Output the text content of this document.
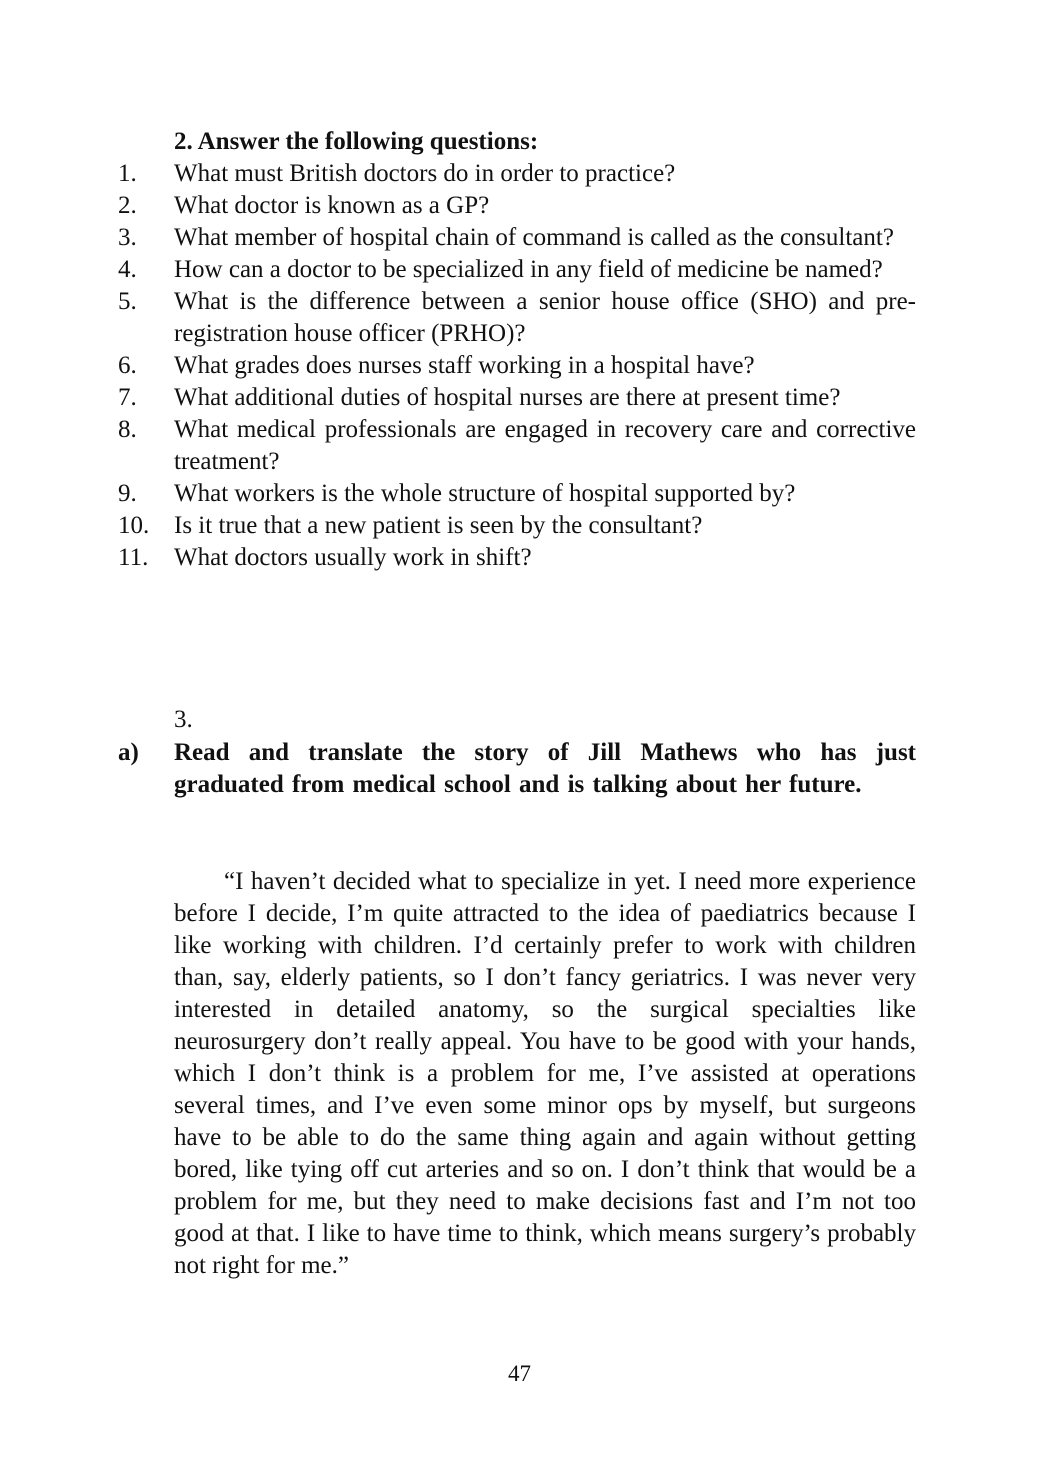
2. Answer the following questions:
1.	What must British doctors do in order to practice?
2.	What doctor is known as a GP?
3.	What member of hospital chain of command is called as the consultant?
4.	How can a doctor to be specialized in any field of medicine be named?
5.	What is the difference between a senior house office (SHO) and pre-registration house officer (PRHO)?
6.	What grades does nurses staff working in a hospital have?
7.	What additional duties of hospital nurses are there at present time?
8.	What medical professionals are engaged in recovery care and corrective treatment?
9.	What workers is the whole structure of hospital supported by?
10. Is it true that a new patient is seen by the consultant?
11.	What doctors usually work in shift?
3.
a)	Read and translate the story of Jill Mathews who has just graduated from medical school and is talking about her future.

“I haven’t decided what to specialize in yet. I need more experience before I decide, I’m quite attracted to the idea of paediatrics because I like working with children. I’d certainly prefer to work with children than, say, elderly patients, so I don’t fancy geriatrics. I was never very interested in detailed anatomy, so the surgical specialties like neurosurgery don’t really appeal. You have to be good with your hands, which I don’t think is a problem for me, I’ve assisted at operations several times, and I’ve even some minor ops by myself, but surgeons have to be able to do the same thing again and again without getting bored, like tying off cut arteries and so on. I don’t think that would be a problem for me, but they need to make decisions fast and I’m not too good at that. I like to have time to think, which means surgery’s probably not right for me.”

47
